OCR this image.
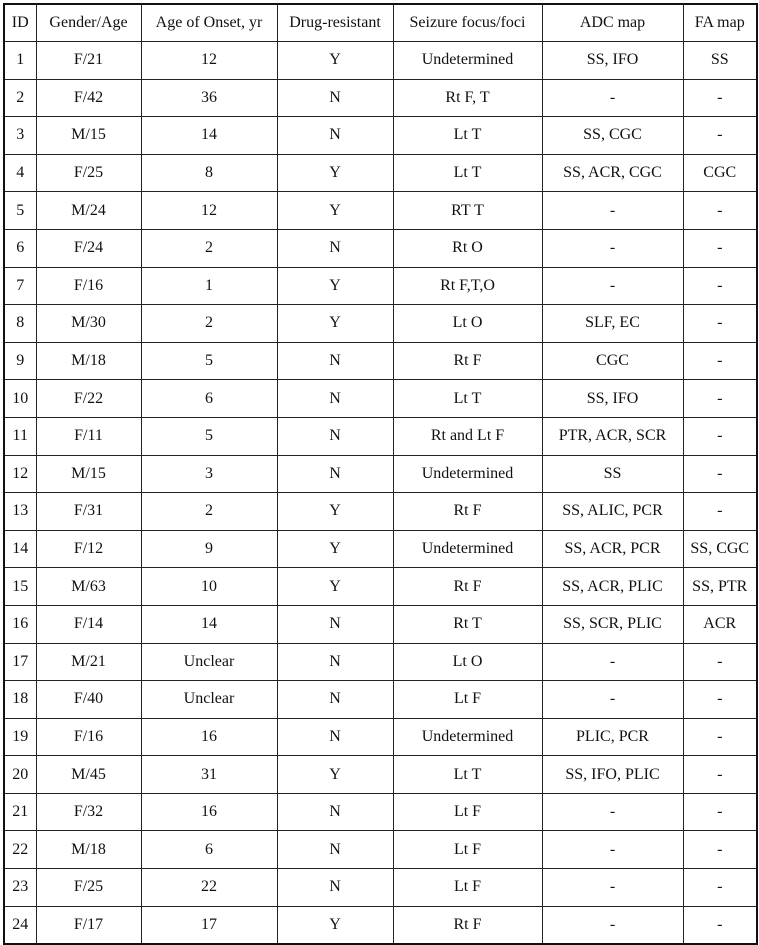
ID	Gender/Age	Age of Onset, yr	Drug-resistant	Seizure focus/foci	ADC map	FA map
1	F/21	12	Y	Undetermined	SS, IFO	SS
2	F/42	36	N	Rt F, T	-	-
3	M/15	14	N	Lt T	SS, CGC	-
4	F/25	8	Y	Lt T	SS, ACR, CGC	CGC
5	M/24	12	Y	RT T	-	-
6	F/24	2	N	Rt O	-	-
7	F/16	1	Y	Rt F,T,O	-	-
8	M/30	2	Y	Lt O	SLF, EC	-
9	M/18	5	N	Rt F	CGC	-
10	F/22	6	N	Lt T	SS, IFO	-
11	F/11	5	N	Rt and Lt F	PTR, ACR, SCR	-
12	M/15	3	N	Undetermined	SS	-
13	F/31	2	Y	Rt F	SS, ALIC, PCR	-
14	F/12	9	Y	Undetermined	SS, ACR, PCR	SS, CGC
15	M/63	10	Y	Rt F	SS, ACR, PLIC	SS, PTR
16	F/14	14	N	Rt T	SS, SCR, PLIC	ACR
17	M/21	Unclear	N	Lt O	-	-
18	F/40	Unclear	N	Lt F	-	-
19	F/16	16	N	Undetermined	PLIC, PCR	-
20	M/45	31	Y	Lt T	SS, IFO, PLIC	-
21	F/32	16	N	Lt F	-	-
22	M/18	6	N	Lt F	-	-
23	F/25	22	N	Lt F	-	-
24	F/17	17	Y	Rt F	-	-
